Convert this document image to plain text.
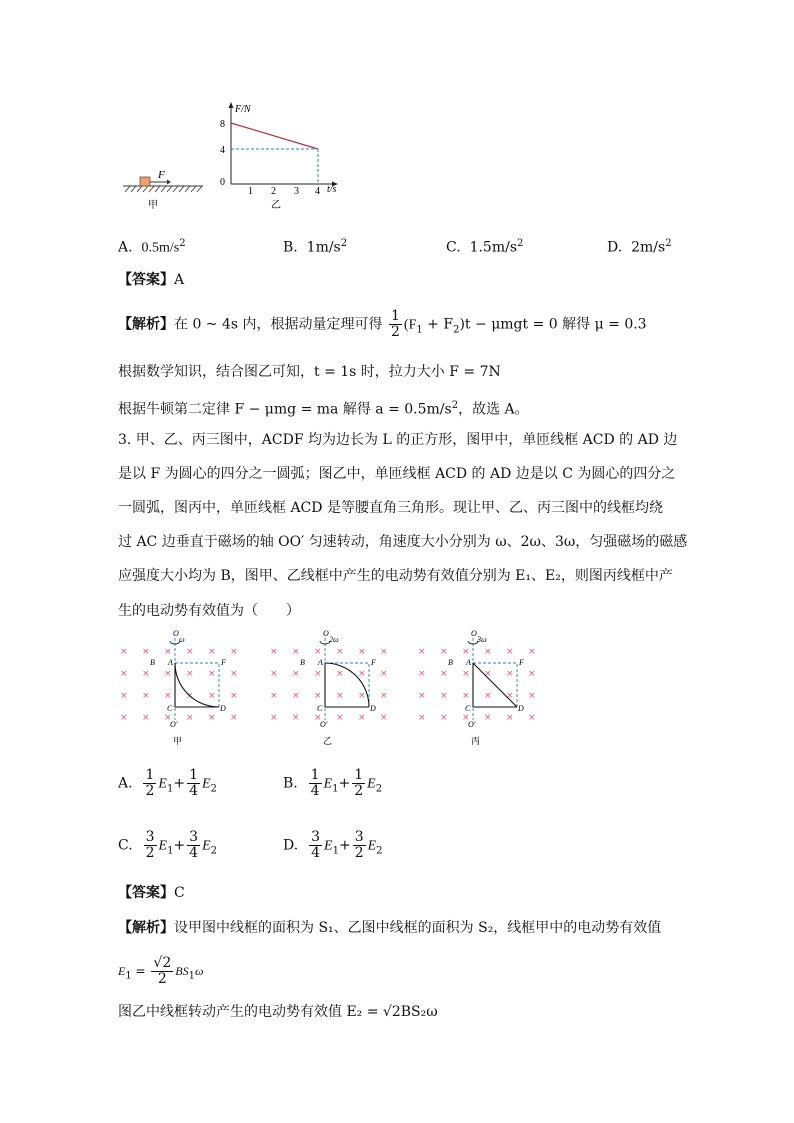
F
甲
F/N
t/s
8
4
0
1 2 3 4
乙
A. $0.5m/s^2$	B. $1m/s^2$	C. $1.5m/s^2$	D. $2m/s^2$
【答案】A
【解析】在 0 ~ 4s 内，根据动量定理可得 $\frac{1}{2} (F_1 + F_2)t - \mu mgt = 0$ 解得 μ = 0.3
根据数学知识，结合图乙可知，t = 1s 时，拉力大小 F = 7N
根据牛顿第二定律 F − μmg = ma 解得 $a = 0.5m/s^2$，故选 A。
3. 甲、乙、丙三图中，ACDF 均为边长为 L 的正方形，图甲中，单匝线框 ACD 的 AD 边
是以 F 为圆心的四分之一圆弧；图乙中，单匝线框 ACD 的 AD 边是以 C 为圆心的四分之
一圆弧，图丙中，单匝线框 ACD 是等腰直角三角形。现让甲、乙、丙三图中的线框均绕
过 AC 边垂直于磁场的轴 OO′ 匀速转动，角速度大小分别为 ω、2ω、3ω，匀强磁场的磁感
应强度大小均为 B，图甲、乙线框中产生的电动势有效值分别为 E₁、E₂，则图丙线框中产
生的电动势有效值为（　　）
× × × × × ×
× × × × × ×
× × × × × ×
× × × × × ×
× × × × × ×
× × × × × ×
× × × × × ×
× × × × × ×
× × × × × ×
× × × × × ×
× × × × × ×
× × × × × ×
O
ω
B A	F
C	D
O′
甲
O
2ω
B A	F
C	D
O′
乙
O
3ω
B A	F
C	D
O′
丙
A. $\frac{1}{2} E_1+ \frac{1}{4} E_2$	B. $\frac{1}{4} E_1+ \frac{1}{2} E_2$
C. $\frac{3}{2} E_1+ \frac{3}{4} E_2$	D. $\frac{3}{4} E_1+ \frac{3}{2} E_2$
【答案】C
【解析】设甲图中线框的面积为 S₁、乙图中线框的面积为 S₂，线框甲中的电动势有效值
$E_1 = \frac{√2}{2} BS_1\omega$
图乙中线框转动产生的电动势有效值 E₂ = √2BS₂ω
